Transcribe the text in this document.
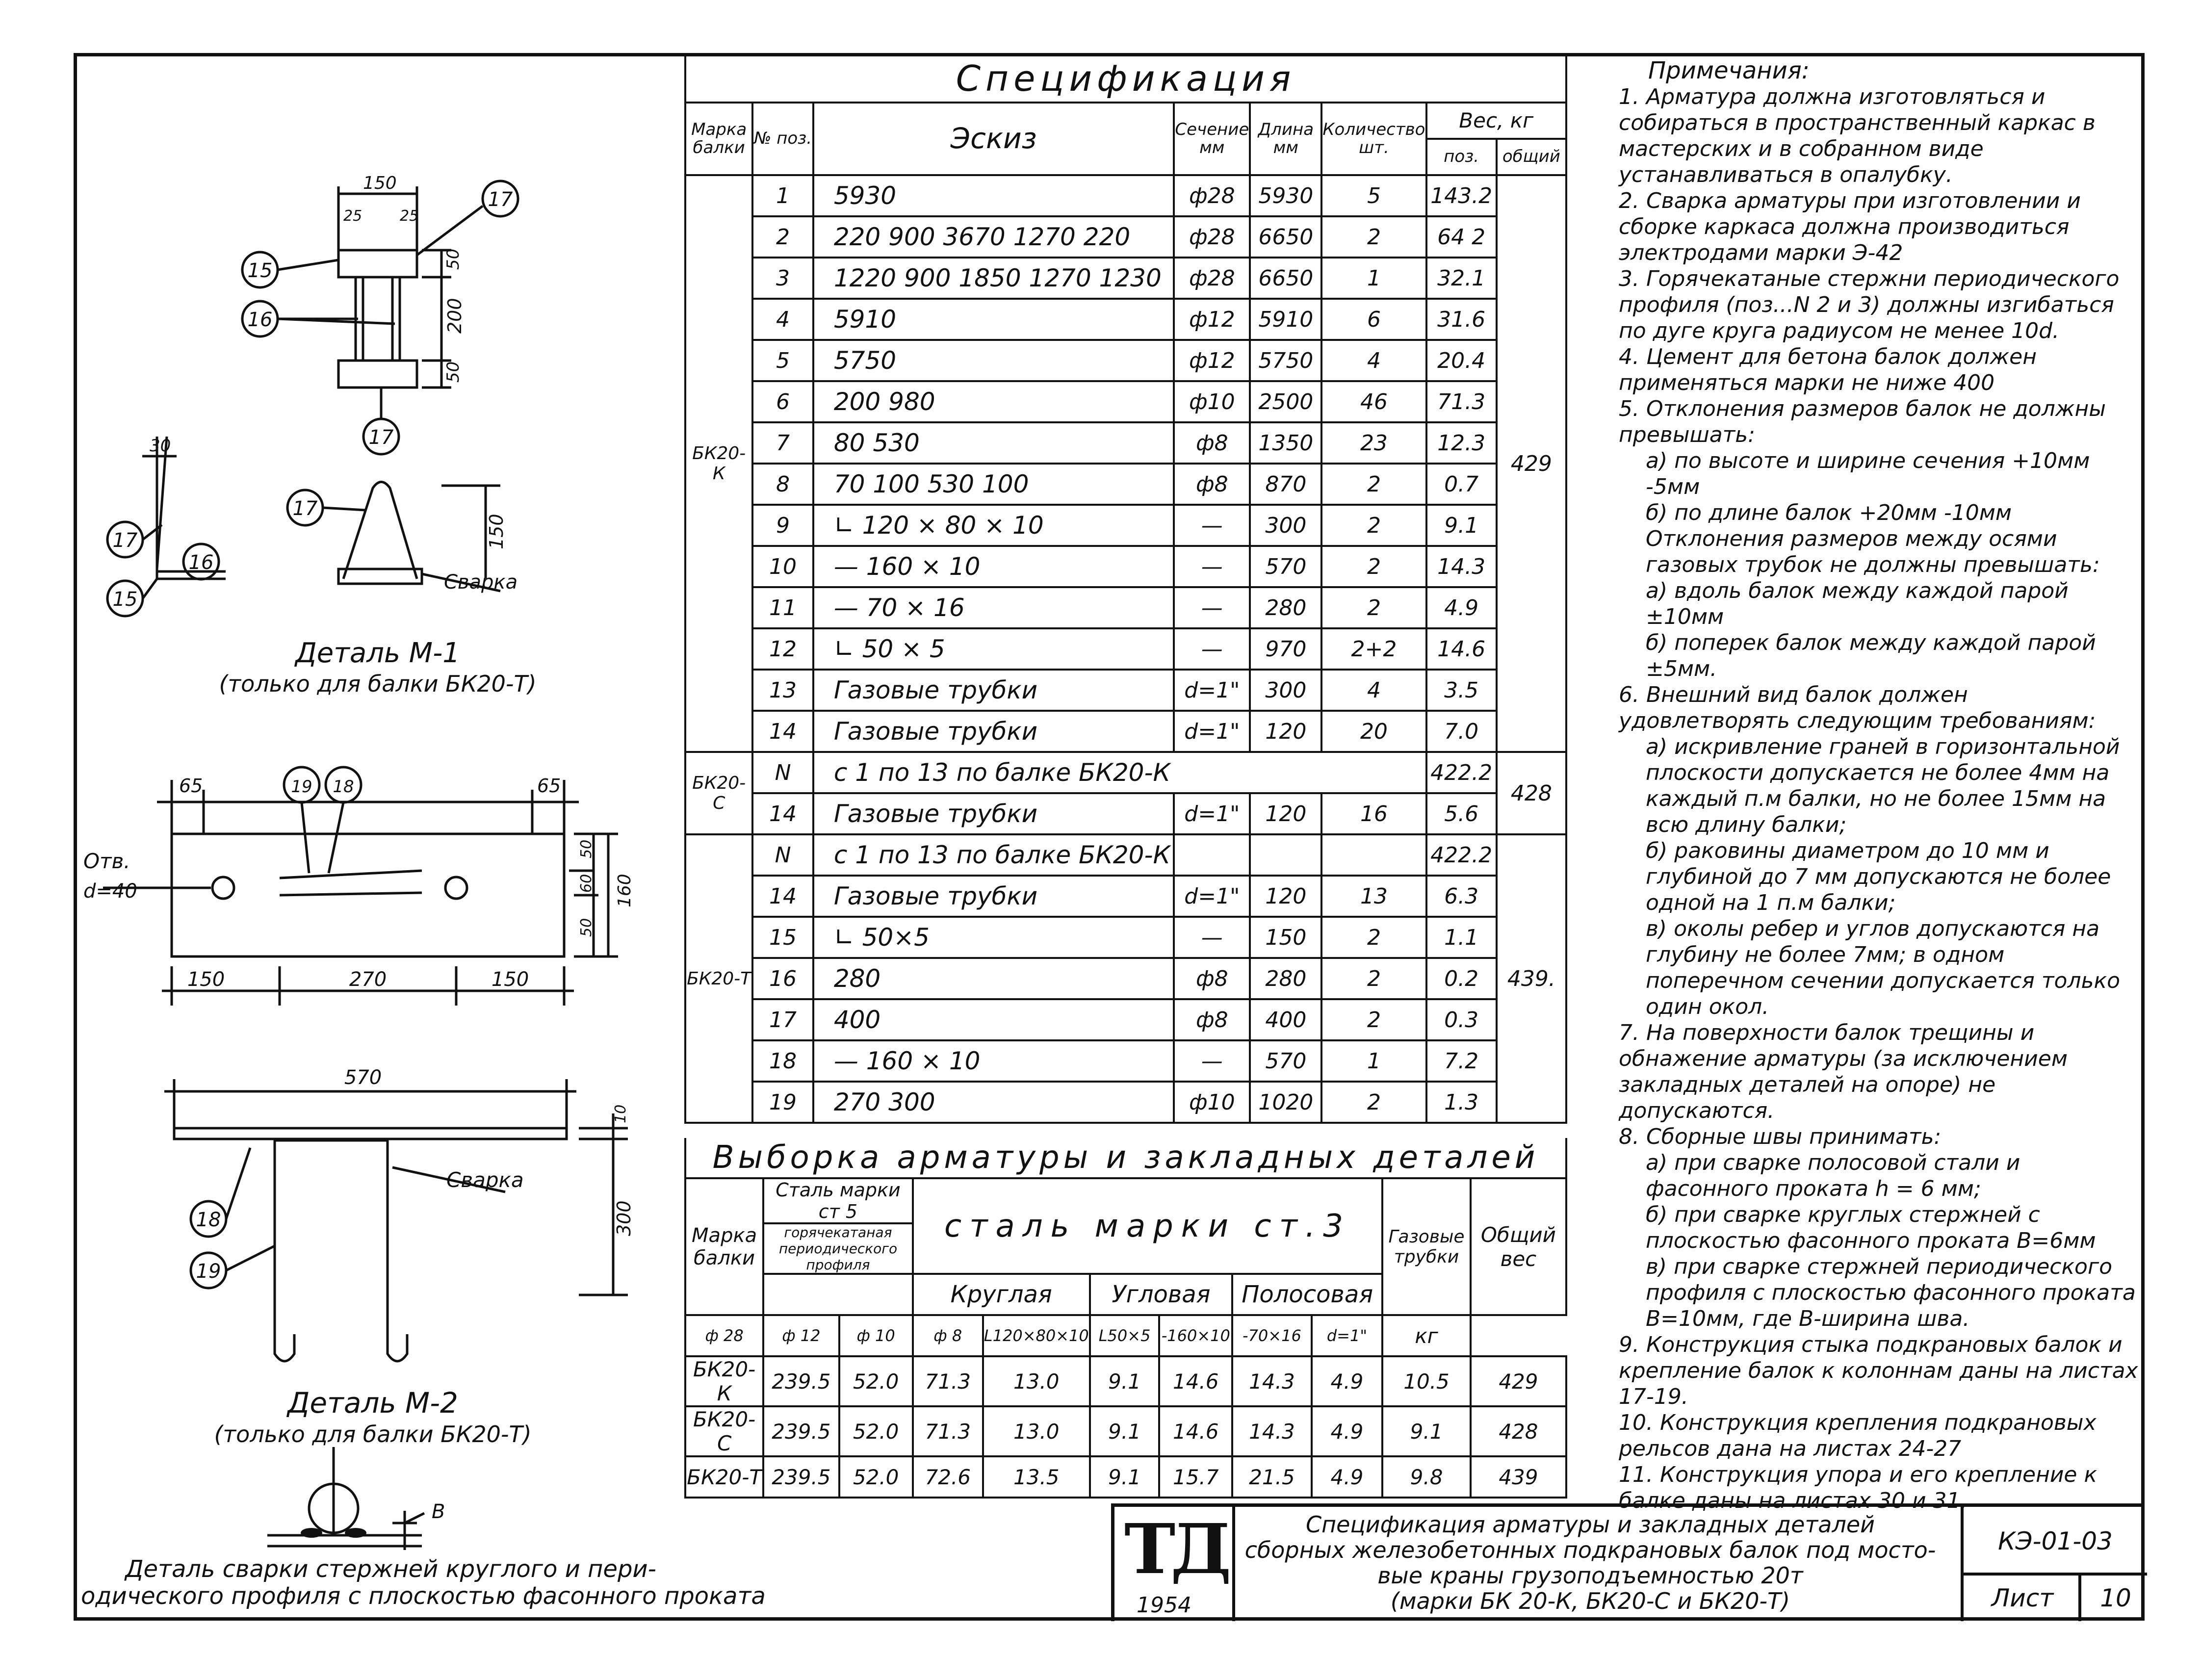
17
15
16
17
17
15
16
17
150
25	25
50
200
50
30
150
Сварка
Деталь М-1
(только для балки БК20-Т)
65	65
19 18
150	270	150
Отв.
d=40
50
60
50
160
570
10
300
Сварка
18
19
Деталь М-2
(только для балки БК20-Т)
B
Деталь сварки стержней круглого и пери-
одического профиля с плоскостью фасонного проката
Спецификация							
Марка балки	№ поз.	Эскиз	Сечение мм	Длина мм	Количество шт.	Вес, кг	
						поз.	общий
БК20-К	1	5930	ф28	5930	5	143.2	429
	2	220 900 3670 1270 220	ф28	6650	2	64 2	
	3	1220 900 1850 1270 1230	ф28	6650	1	32.1	
	4	5910	ф12	5910	6	31.6	
	5	5750	ф12	5750	4	20.4	
	6	200 980	ф10	2500	46	71.3	
	7	80 530	ф8	1350	23	12.3	
	8	70 100 530 100	ф8	870	2	0.7	
	9	∟ 120 × 80 × 10	—	300	2	9.1	
	10	— 160 × 10	—	570	2	14.3	
	11	— 70 × 16	—	280	2	4.9	
	12	∟ 50 × 5	—	970	2+2	14.6	
	13	Газовые трубки	d=1"	300	4	3.5	
	14	Газовые трубки	d=1"	120	20	7.0	
БК20-С	N	с 1 по 13 по балке БК20-К				422.2	428
	14	Газовые трубки	d=1"	120	16	5.6	
БК20-Т	N	с 1 по 13 по балке БК20-К				422.2	439.
	14	Газовые трубки	d=1"	120	13	6.3	
	15	∟ 50×5	—	150	2	1.1	
	16	280	ф8	280	2	0.2	
	17	400	ф8	400	2	0.3	
	18	— 160 × 10	—	570	1	7.2	
	19	270 300	ф10	1020	2	1.3	
Выборка арматуры и закладных деталей										
Марка балки	Сталь марки ст 5		сталь марки ст.3						Газовые трубки	Общий вес
	горячекатаная периодического профиля									
			Круглая		Угловая		Полосовая			
ф 28	ф 12	ф 10	ф 8	L120×80×10	L50×5	-160×10	-70×16	d=1"	кг	
БК20-К	239.5	52.0	71.3	13.0	9.1	14.6	14.3	4.9	10.5	429
БК20-С	239.5	52.0	71.3	13.0	9.1	14.6	14.3	4.9	9.1	428
БК20-Т	239.5	52.0	72.6	13.5	9.1	15.7	21.5	4.9	9.8	439

Примечания:

1. Арматура должна изготовляться и собираться в пространственный каркас в мастерских и в собранном виде устанавливаться в опалубку.

2. Сварка арматуры при изготовлении и сборке каркаса должна производиться электродами марки Э-42

3. Горячекатаные стержни периодического профиля (поз...N 2 и 3) должны изгибаться по дуге круга радиусом не менее 10d.

4. Цемент для бетона балок должен применяться марки не ниже 400

5. Отклонения размеров балок не должны превышать:

а) по высоте и ширине сечения +10мм -5мм

б) по длине балок +20мм -10мм

Отклонения размеров между осями газовых трубок не должны превышать:

а) вдоль балок между каждой парой ±10мм

б) поперек балок между каждой парой ±5мм.

6. Внешний вид балок должен удовлетворять следующим требованиям:

а) искривление граней в горизонтальной плоскости допускается не более 4мм на каждый п.м балки, но не более 15мм на всю длину балки;

б) раковины диаметром до 10 мм и глубиной до 7 мм допускаются не более одной на 1 п.м балки;

в) околы ребер и углов допускаются на глубину не более 7мм; в одном поперечном сечении допускается только один окол.

7. На поверхности балок трещины и обнажение арматуры (за исключением закладных деталей на опоре) не допускаются.

8. Сборные швы принимать:

а) при сварке полосовой стали и фасонного проката h = 6 мм;

б) при сварке круглых стержней с плоскостью фасонного проката В=6мм

в) при сварке стержней периодического профиля с плоскостью фасонного проката В=10мм, где В-ширина шва.

9. Конструкция стыка подкрановых балок и крепление балок к колоннам даны на листах 17-19.

10. Конструкция крепления подкрановых рельсов дана на листах 24-27

11. Конструкция упора и его крепление к балке даны на листах 30 и 31.

ТД
1954
Спецификация арматуры и закладных деталей
сборных железобетонных подкрановых балок под мосто-
вые краны грузоподъемностью 20т
(марки БК 20-К, БК20-С и БК20-Т)
КЭ-01-03
Лист	10
